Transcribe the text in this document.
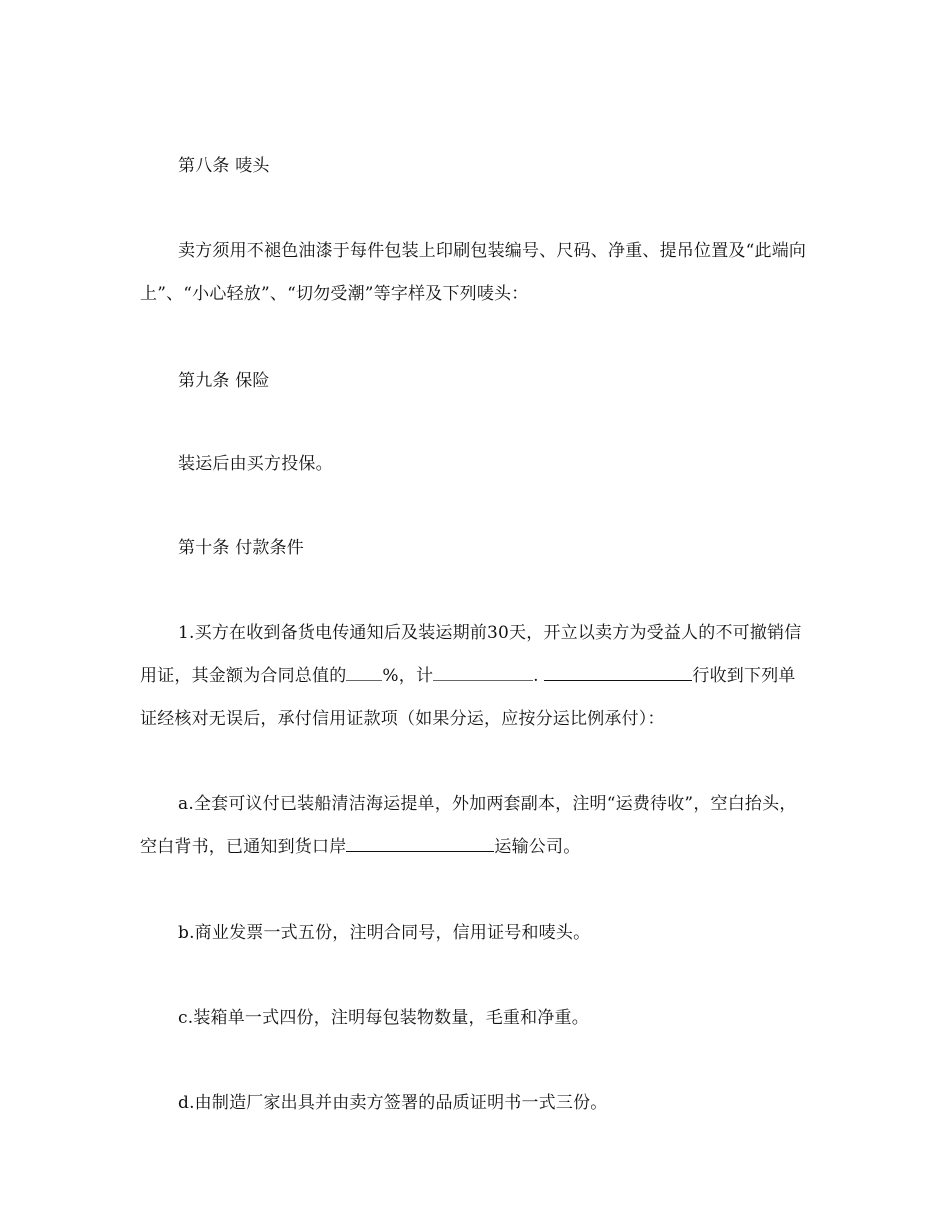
第八条 唛头

卖方须用不褪色油漆于每件包装上印刷包装编号、尺码、净重、提吊位置及“此端向上”、“小心轻放”、“切勿受潮”等字样及下列唛头：

第九条 保险

装运后由买方投保。

第十条 付款条件

1.买方在收到备货电传通知后及装运期前30天，开立以卖方为受益人的不可撤销信用证，其金额为合同总值的 %，计	.	行收到下列单证经核对无误后，承付信用证款项（如果分运，应按分运比例承付）：

a.全套可议付已装船清洁海运提单，外加两套副本，注明“运费待收”，空白抬头，空白背书，已通知到货口岸	运输公司。

b.商业发票一式五份，注明合同号，信用证号和唛头。

c.装箱单一式四份，注明每包装物数量，毛重和净重。

d.由制造厂家出具并由卖方签署的品质证明书一式三份。
